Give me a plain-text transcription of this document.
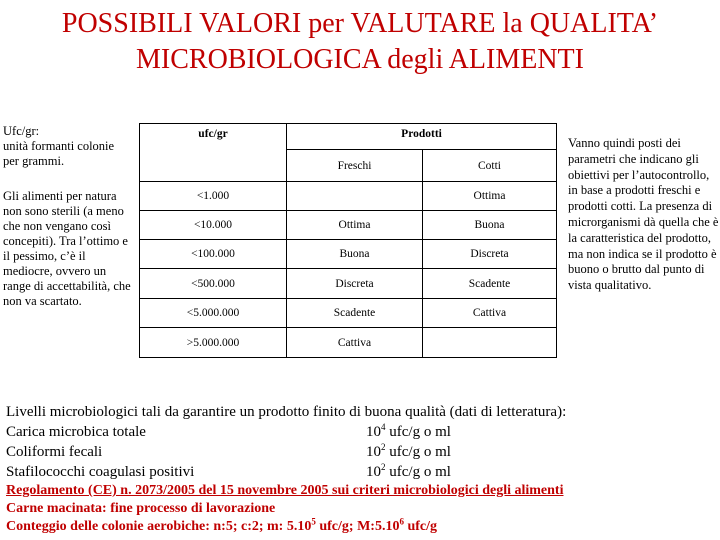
POSSIBILI VALORI per VALUTARE la QUALITA’
MICROBIOLOGICA degli ALIMENTI

Ufc/gr:

unità formanti colonie per grammi.

Gli alimenti per natura non sono sterili (a meno che non vengano così concepiti). Tra l’ottimo e il pessimo, c’è il mediocre, ovvero un range di accettabilità, che non va scartato.

ufc/gr	Prodotti	
	Freschi	Cotti
<1.000		Ottima
<10.000	Ottima	Buona
<100.000	Buona	Discreta
<500.000	Discreta	Scadente
<5.000.000	Scadente	Cattiva
>5.000.000	Cattiva	

Vanno quindi posti dei parametri che indicano gli obiettivi per l’autocontrollo, in base a prodotti freschi e prodotti cotti. La presenza di microrganismi dà quella che è la caratteristica del prodotto, ma non indica se il prodotto è buono o brutto dal punto di vista qualitativo.

Livelli microbiologici tali da garantire un prodotto finito di buona qualità (dati di letteratura):
Carica microbica totale	$10^4$ ufc/g o ml
Coliformi fecali	$10^2$ ufc/g o ml
Stafilococchi coagulasi positivi	$10^2$ ufc/g o ml
Regolamento (CE) n. 2073/2005 del 15 novembre 2005 sui criteri microbiologici degli alimenti
Carne macinata: fine processo di lavorazione
Conteggio delle colonie aerobiche: n:5; c:2; m: 5.10$^5$ ufc/g; M:5.10$^6$ ufc/g
